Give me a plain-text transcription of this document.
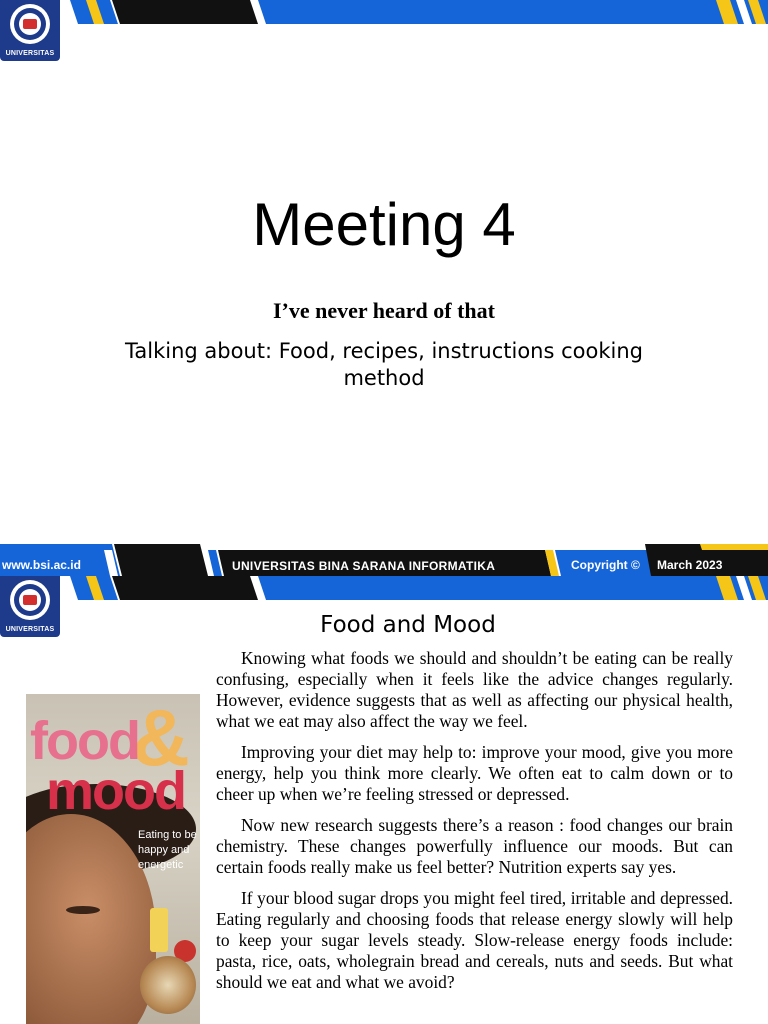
UNIVERSITAS
Meeting 4
I’ve never heard of that
Talking about: Food, recipes, instructions cooking method
www.bsi.ac.id	UNIVERSITAS BINA SARANA INFORMATIKA	Copyright © March 2023
UNIVERSITAS	Food and Mood
&
food
mood
Eating to be happy and energetic

Knowing what foods we should and shouldn’t be eating can be really confusing, especially when it feels like the advice changes regularly. However, evidence suggests that as well as affecting our physical health, what we eat may also affect the way we feel.

Improving your diet may help to: improve your mood, give you more energy, help you think more clearly. We often eat to calm down or to cheer up when we’re feeling stressed or depressed.

Now new research suggests there’s a reason : food changes our brain chemistry. These changes powerfully influence our moods. But can certain foods really make us feel better? Nutrition experts say yes.

If your blood sugar drops you might feel tired, irritable and depressed. Eating regularly and choosing foods that release energy slowly will help to keep your sugar levels steady. Slow-release energy foods include: pasta, rice, oats, wholegrain bread and cereals, nuts and seeds. But what should we eat and what we avoid?
